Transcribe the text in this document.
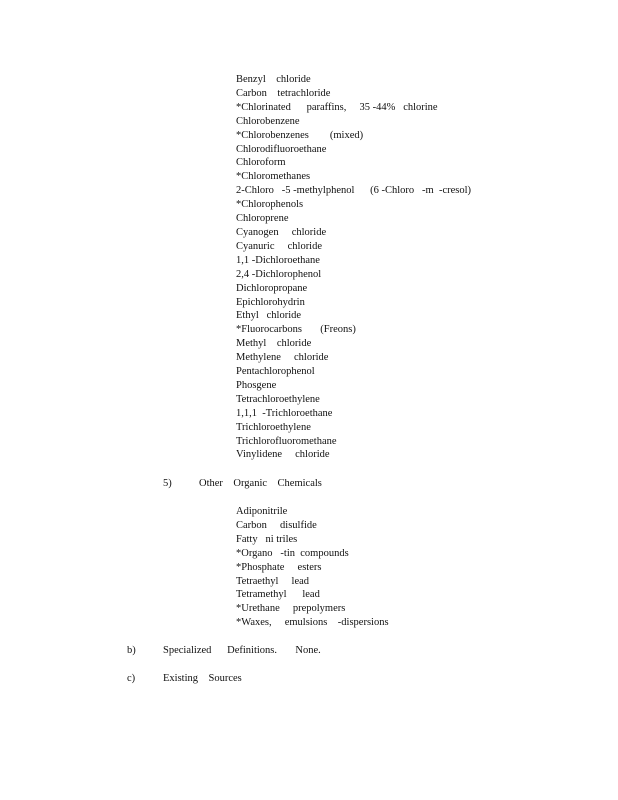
Benzyl    chloride
Carbon    tetrachloride
*Chlorinated      paraffins,     35 -44%   chlorine
Chlorobenzene
*Chlorobenzenes        (mixed)
Chlorodifluoroethane
Chloroform
*Chloromethanes
2-Chloro   -5 -methylphenol      (6 -Chloro   -m  -cresol)
*Chlorophenols
Chloroprene
Cyanogen     chloride
Cyanuric     chloride
1,1 -Dichloroethane
2,4 -Dichlorophenol
Dichloropropane
Epichlorohydrin
Ethyl   chloride
*Fluorocarbons       (Freons)
Methyl    chloride
Methylene     chloride
Pentachlorophenol
Phosgene
Tetrachloroethylene
1,1,1  -Trichloroethane
Trichloroethylene
Trichlorofluoromethane
Vinylidene     chloride
5)	Other    Organic    Chemicals
Adiponitrile
Carbon     disulfide
Fatty   ni triles
*Organo   -tin  compounds
*Phosphate     esters
Tetraethyl     lead
Tetramethyl      lead
*Urethane     prepolymers
*Waxes,     emulsions    -dispersions
b)	Specialized      Definitions.       None.
c)	Existing    Sources
